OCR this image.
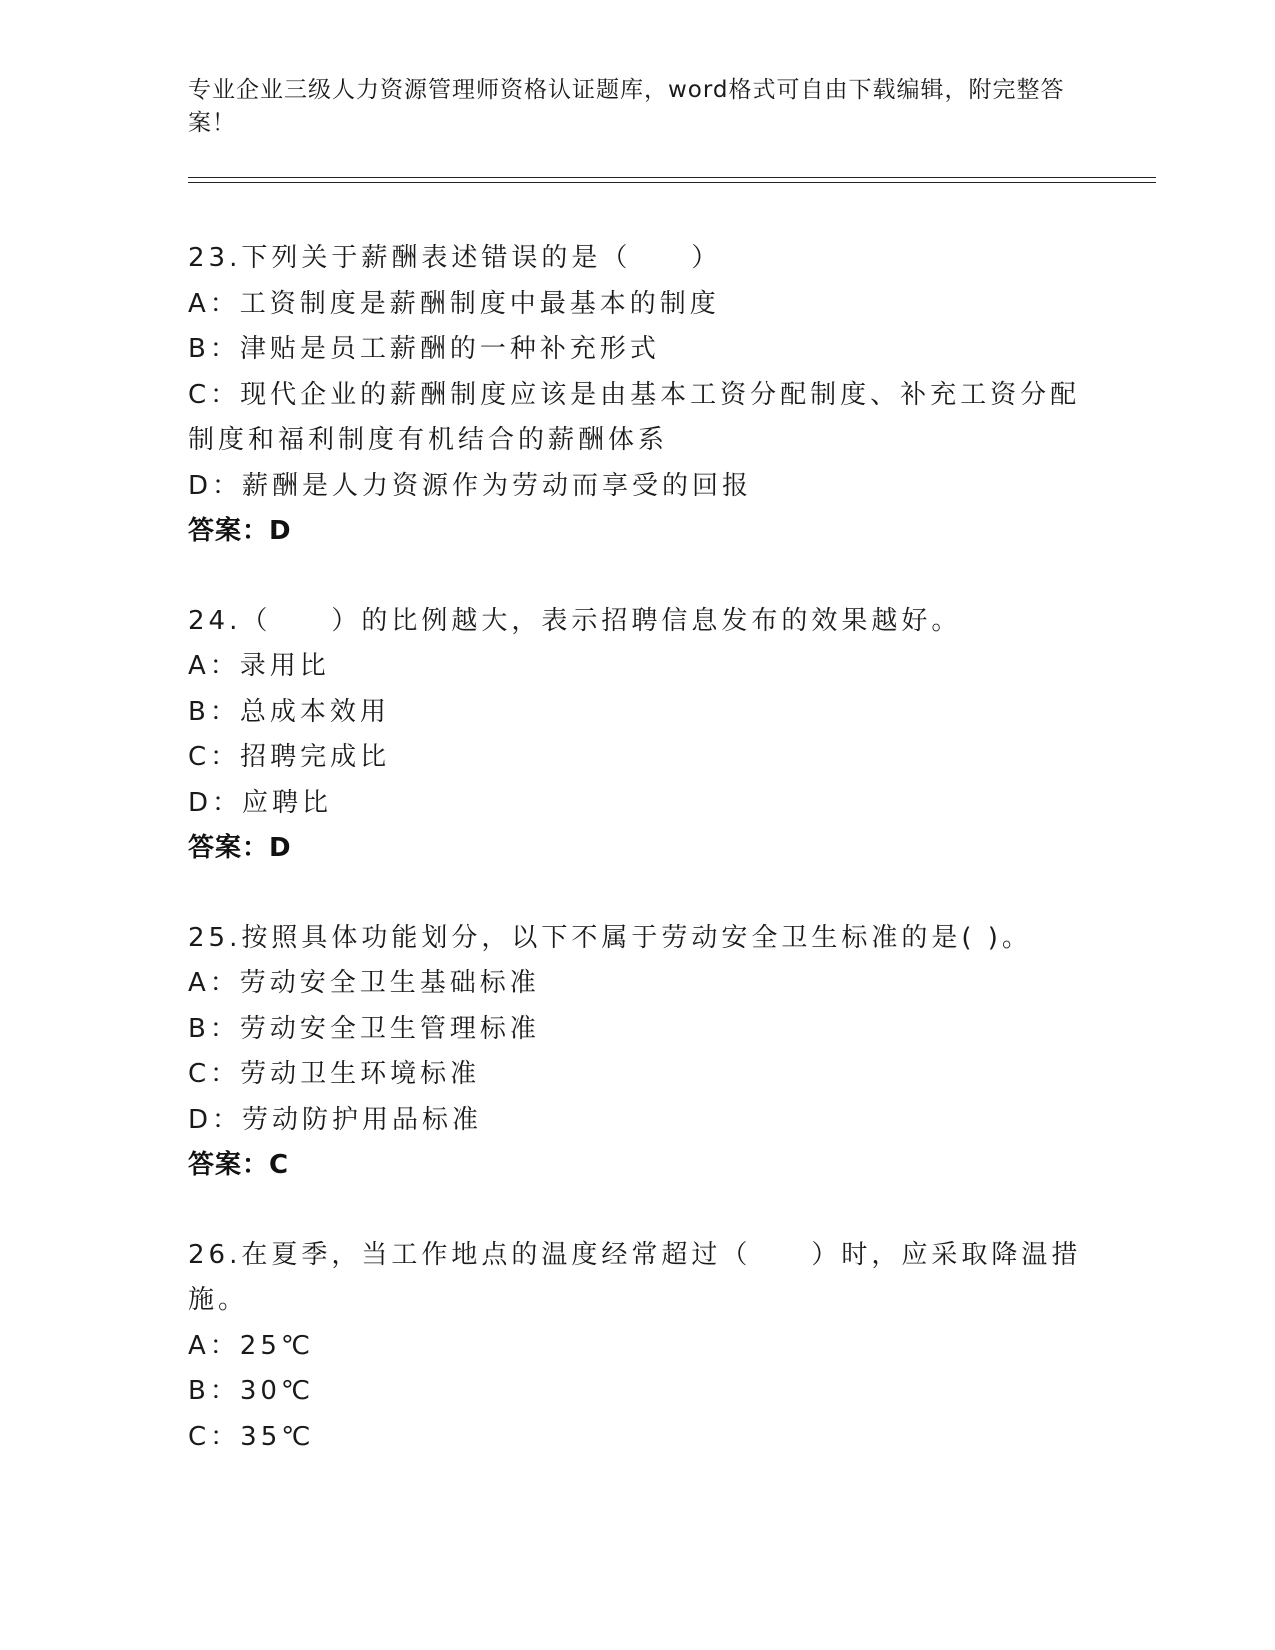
专业企业三级人力资源管理师资格认证题库，word格式可自由下载编辑，附完整答案！
23.下列关于薪酬表述错误的是（　　）
A：工资制度是薪酬制度中最基本的制度
B：津贴是员工薪酬的一种补充形式
C：现代企业的薪酬制度应该是由基本工资分配制度、补充工资分配制度和福利制度有机结合的薪酬体系
D：薪酬是人力资源作为劳动而享受的回报
答案：D
24.（　　）的比例越大，表示招聘信息发布的效果越好。
A：录用比
B：总成本效用
C：招聘完成比
D：应聘比
答案：D
25.按照具体功能划分，以下不属于劳动安全卫生标准的是( )。
A：劳动安全卫生基础标准
B：劳动安全卫生管理标准
C：劳动卫生环境标准
D：劳动防护用品标准
答案：C
26.在夏季，当工作地点的温度经常超过（　　）时，应采取降温措施。
A：25℃
B：30℃
C：35℃
